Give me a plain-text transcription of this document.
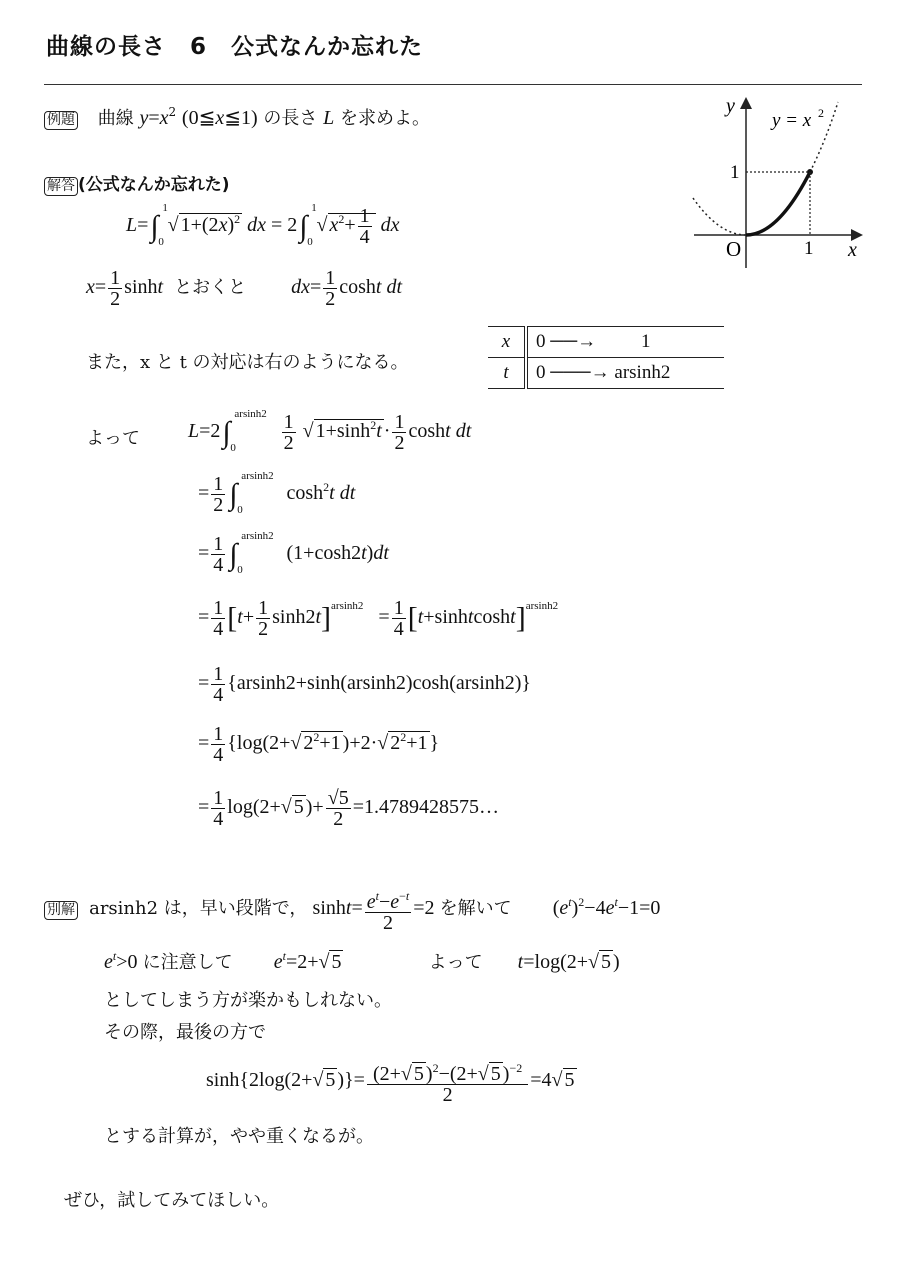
曲線の長さ　6　公式なんか忘れた
例題 曲線 $y=x^2$ (0≦x≦1) の長さ L を求めよ。
y
y = x 2
1
O	1 x
解答 (公式なんか忘れた)
L=∫
1
0
√ $1+(2x)^2$ dx = 2∫
1
0
√ $x^2+ \frac{1}{4}$ dx
$x= \frac{1}{2}$ sinht とおくと $dx= \frac{1}{2}$ cosht dt
また，x と t の対応は右のようになる。
x	0 ──→ 1
t	0 ───→ arsinh2
よって L=2∫
arsinh2
0
$\frac{1}{2}$ √ $1+\sinh^2t \cdot \frac{1}{2}$ cosht dt
= $\frac{1}{2}$ ∫
arsinh2
0
$\cosh^2t$ dt
= $\frac{1}{4}$ ∫
arsinh2
0
(1+cosh2t)dt
= $\frac{1}{4} [t+ \frac{1}{2} \sinh 2t]^{arsinh2} = \frac{1}{4}$ [t+sinhtcosht]$^{arsinh2}$
= $\frac{1}{4} \{arsinh2+\sinh(arsinh2)\cosh(arsinh2)\}$
= $\frac{1}{4} \{\log(2+√$ $2^2+1$ )+2·√ $2^2+1$ }
= $\frac{1}{4} \log(2+√$ 5 )+ $\frac{√5}{2}$ =1.4789428575…
別解 arsinh2 は，早い段階で， $\sinh t= \frac{e^t-e^{-t}}{2} =2$ を解いて $(e^t)^2-4e^t-1=0$
$e^t>0$ に注意して $e^t=2+√$ 5	よって t=log(2+√ 5 )
としてしまう方が楽かもしれない。
その際，最後の方で
sinh{2log(2+√ 5 )}= $\frac{(2+√ 5 )^2-(2+√ 5 )^{-2}}{2} =4√$ 5
とする計算が，やや重くなるが。
ぜひ，試してみてほしい。
